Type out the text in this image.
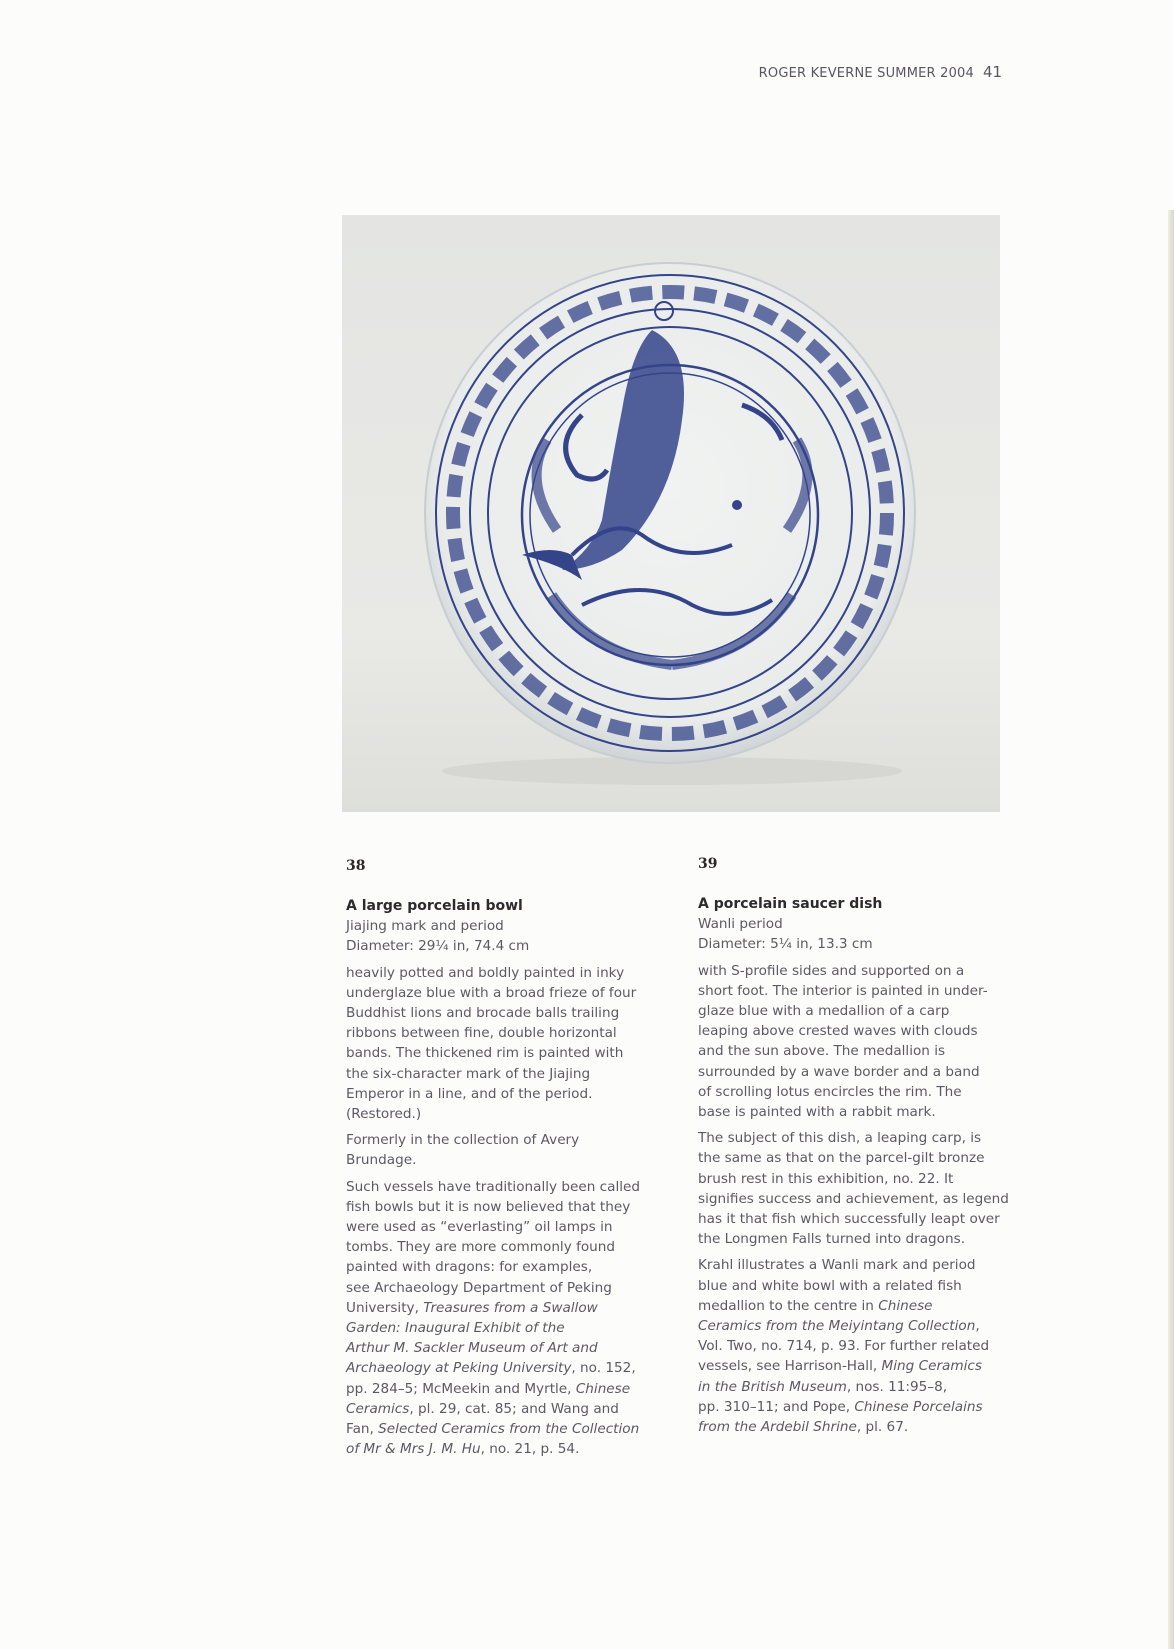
ROGER KEVERNE SUMMER 2004 41
38	39
A large porcelain bowl
Jiajing mark and period
Diameter: 29¼ in, 74.4 cm
heavily potted and boldly painted in inky
underglaze blue with a broad frieze of four
Buddhist lions and brocade balls trailing
ribbons between fine, double horizontal
bands. The thickened rim is painted with
the six-character mark of the Jiajing
Emperor in a line, and of the period.
(Restored.)
Formerly in the collection of Avery
Brundage.
Such vessels have traditionally been called
fish bowls but it is now believed that they
were used as “everlasting” oil lamps in
tombs. They are more commonly found
painted with dragons: for examples,
see Archaeology Department of Peking
University, Treasures from a Swallow
Garden: Inaugural Exhibit of the
Arthur M. Sackler Museum of Art and
Archaeology at Peking University, no. 152,
pp. 284–5; McMeekin and Myrtle, Chinese
Ceramics, pl. 29, cat. 85; and Wang and
Fan, Selected Ceramics from the Collection
of Mr & Mrs J. M. Hu, no. 21, p. 54.
A porcelain saucer dish
Wanli period
Diameter: 5¼ in, 13.3 cm
with S-profile sides and supported on a
short foot. The interior is painted in under-
glaze blue with a medallion of a carp
leaping above crested waves with clouds
and the sun above. The medallion is
surrounded by a wave border and a band
of scrolling lotus encircles the rim. The
base is painted with a rabbit mark.
The subject of this dish, a leaping carp, is
the same as that on the parcel-gilt bronze
brush rest in this exhibition, no. 22. It
signifies success and achievement, as legend
has it that fish which successfully leapt over
the Longmen Falls turned into dragons.
Krahl illustrates a Wanli mark and period
blue and white bowl with a related fish
medallion to the centre in Chinese
Ceramics from the Meiyintang Collection,
Vol. Two, no. 714, p. 93. For further related
vessels, see Harrison-Hall, Ming Ceramics
in the British Museum, nos. 11:95–8,
pp. 310–11; and Pope, Chinese Porcelains
from the Ardebil Shrine, pl. 67.
